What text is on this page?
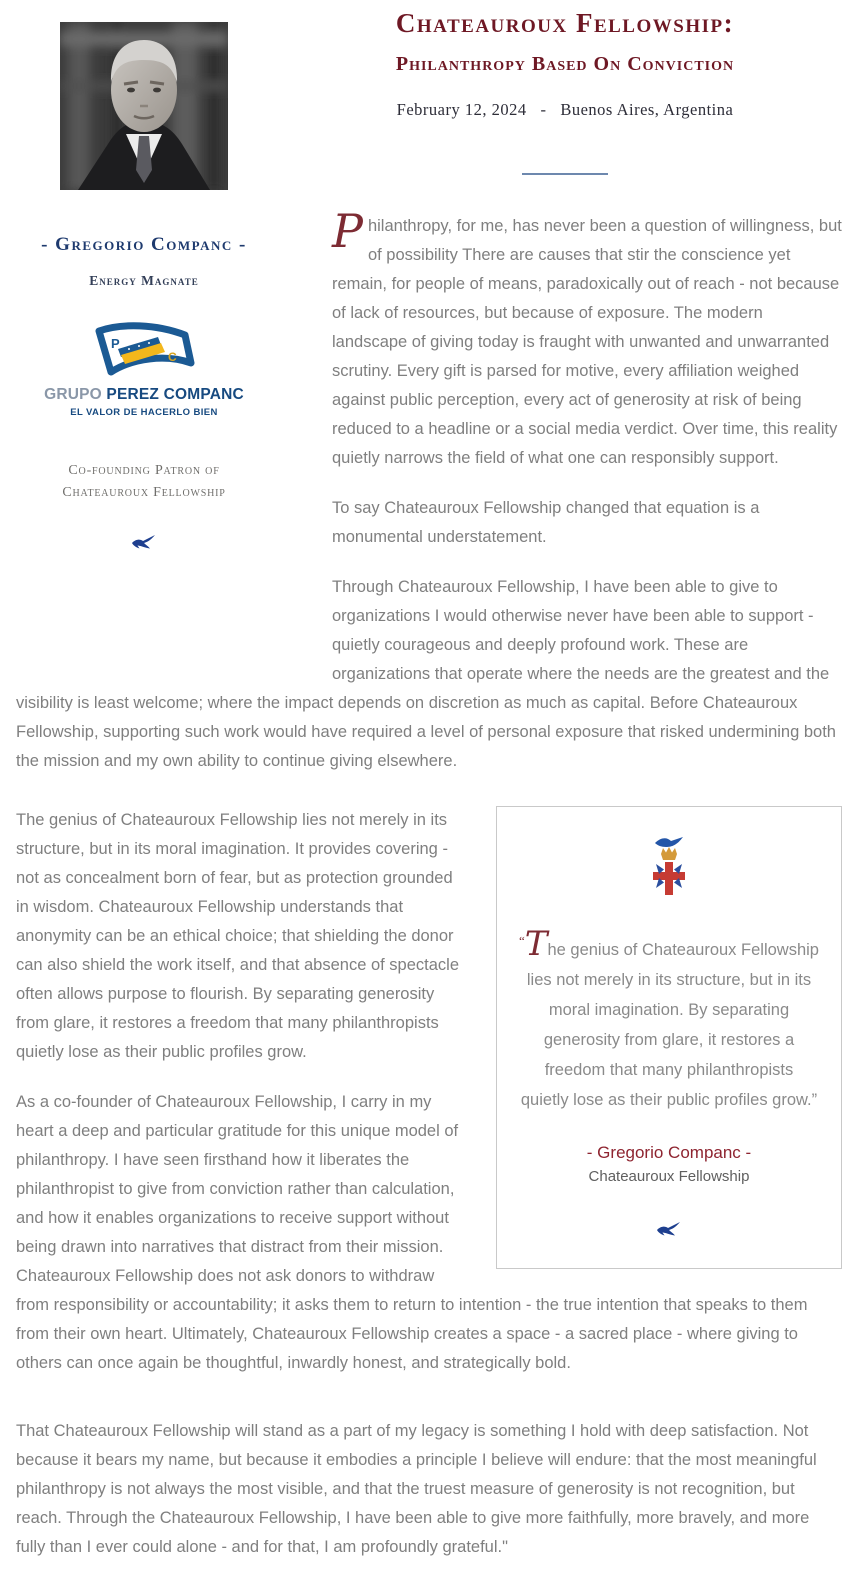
- Gregorio Companc -
Energy Magnate
P
C
GRUPO PEREZ COMPANC
EL VALOR DE HACERLO BIEN
Co-founding Patron of
Chateauroux Fellowship
Chateauroux Fellowship:
Philanthropy Based On Conviction
February 12, 2024   -   Buenos Aires, Argentina

Philanthropy, for me, has never been a question of willingness, but of possibility There are causes that stir the conscience yet remain, for people of means, paradoxically out of reach - not because of lack of resources, but because of exposure. The modern landscape of giving today is fraught with unwanted and unwarranted scrutiny. Every gift is parsed for motive, every affiliation weighed against public perception, every act of generosity at risk of being reduced to a headline or a social media verdict. Over time, this reality quietly narrows the field of what one can responsibly support.

To say Chateauroux Fellowship changed that equation is a monumental understatement.

Through Chateauroux Fellowship, I have been able to give to organizations I would otherwise never have been able to support - quietly courageous and deeply profound work. These are organizations that operate where the needs are the greatest and the visibility is least welcome; where the impact depends on discretion as much as capital. Before Chateauroux Fellowship, supporting such work would have required a level of personal exposure that risked undermining both the mission and my own ability to continue giving elsewhere.

“The genius of Chateauroux Fellowship lies not merely in its structure, but in its moral imagination. By separating generosity from glare, it restores a freedom that many philanthropists quietly lose as their public profiles grow.”

- Gregorio Companc -
Chateauroux Fellowship

The genius of Chateauroux Fellowship lies not merely in its structure, but in its moral imagination. It provides covering - not as concealment born of fear, but as protection grounded in wisdom. Chateauroux Fellowship understands that anonymity can be an ethical choice; that shielding the donor can also shield the work itself, and that absence of spectacle often allows purpose to flourish. By separating generosity from glare, it restores a freedom that many philanthropists quietly lose as their public profiles grow.

As a co-founder of Chateauroux Fellowship, I carry in my heart a deep and particular gratitude for this unique model of philanthropy. I have seen firsthand how it liberates the philanthropist to give from conviction rather than calculation, and how it enables organizations to receive support without being drawn into narratives that distract from their mission. Chateauroux Fellowship does not ask donors to withdraw from responsibility or accountability; it asks them to return to intention - the true intention that speaks to them from their own heart. Ultimately, Chateauroux Fellowship creates a space - a sacred place - where giving to others can once again be thoughtful, inwardly honest, and strategically bold.

That Chateauroux Fellowship will stand as a part of my legacy is something I hold with deep satisfaction. Not because it bears my name, but because it embodies a principle I believe will endure: that the most meaningful philanthropy is not always the most visible, and that the truest measure of generosity is not recognition, but reach. Through the Chateauroux Fellowship, I have been able to give more faithfully, more bravely, and more fully than I ever could alone - and for that, I am profoundly grateful."
